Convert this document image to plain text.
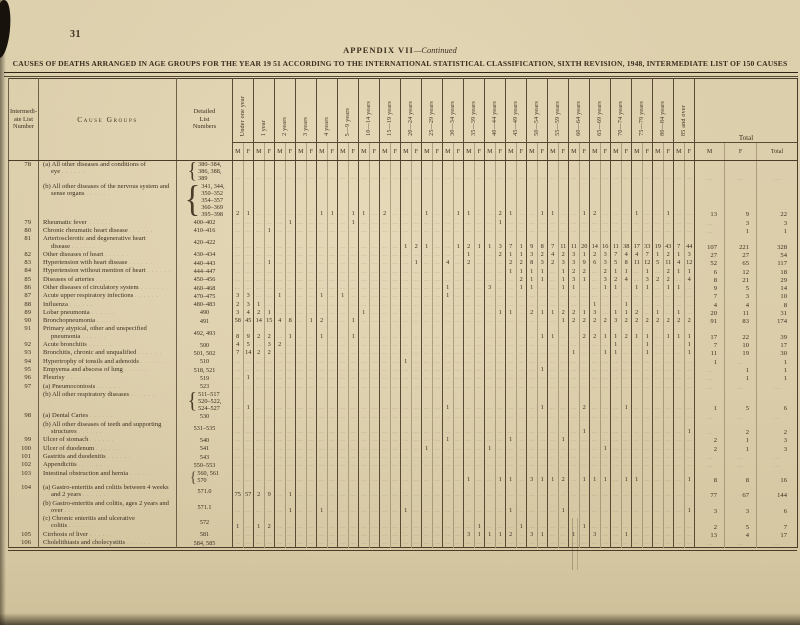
31
APPENDIX VII—Continued
CAUSES OF DEATHS ARRANGED IN AGE GROUPS FOR THE YEAR 19 51 ACCORDING TO THE INTERNATIONAL STATISTICAL CLASSIFICATION, SIXTH REVISION, 1948, INTERMEDIATE LIST OF 150 CAUSES
Intermedi-
ate List
Number
	Cause Groups	
Detailed
List
Numbers	Under one year	1 year	2 years	3 years	4 years	5—9 years	10—14 years	15—19 years	20—24 years	25—29 years	30—34 years	35—39 years	40—44 years	45—49 years	50—54 years	55—59 years	60—64 years	65—69 years	70—74 years	75—79 years	80—84 years	85 and over	Total
			M	F	M	F	M	F	M	F	M	F	M	F	M	F	M	F	M	F	M	F	M	F	M	F	M	F	M	F	M	F	M	F	M	F	M	F	M	F	M	F	M	F	M	F	M	F	Total
78	(a) All other diseases and conditions of eye . . .	{ 380–384,
386, 388,
389
	....	....	....	....	....	....	....	....	....	....	....	....	....	....	....	....	....	....	....	....	....	....	....	....	....	....	....	....	....	....	....	....	....	....	....	....	....	....	....	....	....	....	....	....	....	....	....

(b) All other diseases of the nervous system and sense organs . . .	{ 341, 344,
350–352
354–357
360–369
395–398	2	1	....	....	....	....	....	....	1	1	....	1	1	....	2	....	....	....	1	....	....	1	1	....	....	2	1	....	....	1	1	....	....	1	2	....	....	....	1	....	....	1	....	....	13	9	22
79	Rheumatic fever . . .	400–402
	....	....	....	....	....	1	....	....	....	....	....	1	....	....	....	....	....	....	....	....	....	....	....	....	....	1	....	....	....	....	....	....	....	....	....	....	....	....	....	....	....	....	....	....	....	3	3
80	Chronic rheumatic heart disease . . .	410–416
	....	....	....	1	....	....	....	....	....	....	....	....	....	....	....	....	....	....	....	....	....	....	....	....	....	....	....	....	....	....	....	....	....	....	....	....	....	....	....	....	....	....	....	....	....	1	1
81	Arteriosclerotic and degenerative heart disease . . .	420–422
	....	....	....	....	....	....	....	....	....	....	....	....	....	....	....	....	1	2	1	....	....	1	2	1	1	3	7	1	9	8	7	11	11	20	14	16	11	38	17	33	19	43	7	44	107	221	328
82	Other diseases of heart . . .	430–434
	....	....	....	....	....	....	....	....	....	....	....	....	....	....	....	....	....	....	....	....	....	....	1	....	....	2	1	1	3	2	4	2	3	1	2	3	7	4	4	7	1	2	1	3	27	27	54
83	Hypertension with heart disease . . .	440–443
	....	....	....	1	....	....	....	....	....	....	....	....	....	....	....	....	....	1	....	....	4	....	2	....	....	....	2	2	8	3	2	3	3	9	6	3	5	8	11	12	5	11	4	12	52	65	117
84	Hypertension without mention of heart . . .	444–447
	....	....	....	....	....	....	....	....	....	....	....	....	....	....	....	....	....	....	....	....	....	....	....	....	....	....	1	1	1	1	....	1	2	2	....	2	1	1	....	1	....	2	1	1	6	12	18
85	Diseases of arteries . . .	450–456
	....	....	....	....	....	....	....	....	....	....	....	....	....	....	....	....	....	....	....	....	....	....	....	....	....	....	....	2	1	1	....	1	3	1	....	3	2	4	....	3	2	2	....	4	8	21	29
86	Other diseases of circulatory system . . .	460–468
	....	....	....	....	....	....	....	....	....	....	....	....	....	....	....	....	....	....	....	....	1	....	....	....	3	....	....	1	1	....	....	1	1	....	....	1	1	....	1	1	....	1	1	....	9	5	14
87	Acute upper respiratory infections . . .	470–475	3	3	....	....	1	....	....	....	1	....	1	....	....	....	....	....	....	....	....	....	1	....	....	....	....	....	....	....	....	....	....	....	....	....	....	....	....	....	....	....	....	....	....	....	7	3	10
88	Influenza . . .	480–483	2	3	1	....	....	....	....	....	....	....	....	....	....	....	....	....	....	....	....	....	....	....	....	....	....	....	....	....	....	....	....	....	....	....	1	....	....	1	....	....	....	....	....	....	4	4	8
89	Lobar pneumonia . . .	490	3	4	2	1	....	....	....	....	....	....	....	....	1	....	....	....	....	....	....	....	....	....	....	....	....	1	1	....	2	1	1	2	2	1	3	....	1	1	2	....	1	....	1	....	20	11	31
90	Bronchopneumonia . . .	491	58	45	14	15	4	8	....	1	2	....	....	1	....	....	....	....	....	....	....	....	....	....	....	....	....	....	....	....	....	....	....	1	2	2	2	2	3	2	2	2	2	2	2	2	91	83	174
91	Primary atypical, other and unspecified pneumonia . . .	492, 493	8	9	2	2	....	1	....	....	1	....	....	1	....	....	....	....	....	....	....	....	....	....	....	....	....	....	....	....	....	1	1	....	....	2	2	1	1	2	1	1	....	1	1	1	17	22	39
92	Acute bronchitis . . .	500	4	5	....	3	2	....	....	....	....	....	....	....	....	....	....	....	....	....	....	....	....	....	....	....	....	....	....	....	....	....	....	....	....	....	....	....	1	....	....	1	....	....	....	1	7	10	17
93	Bronchitis, chronic and unqualified . . .	501, 502	7	14	2	2	....	....	....	....	....	....	....	....	....	....	....	....	....	....	....	....	....	....	....	....	....	....	....	....	....	....	....	....	1	....	....	1	1	....	....	1	....	....	....	1	11	19	30
94	Hypertrophy of tonsils and adenoids . . .	510
	....	....	....	....	....	....	....	....	....	....	....	....	....	....	....	....	1	....	....	....	....	....	....	....	....	....	....	....	....	....	....	....	....	....	....	....	....	....	....	....	....	....	....	....	1	....	1
95	Empyema and abscess of lung . . .	518, 521
	....	....	....	....	....	....	....	....	....	....	....	....	....	....	....	....	....	....	....	....	....	....	....	....	....	....	....	....	....	1	....	....	....	....	....	....	....	....	....	....	....	....	....	....	....	1	1
96	Pleurisy . . .	519
	....	1	....	....	....	....	....	....	....	....	....	....	....	....	....	....	....	....	....	....	....	....	....	....	....	....	....	....	....	....	....	....	....	....	....	....	....	....	....	....	....	....	....	....	....	1	1
97	(a) Pneumoconiosis . . .	523
	....	....	....	....	....	....	....	....	....	....	....	....	....	....	....	....	....	....	....	....	....	....	....	....	....	....	....	....	....	....	....	....	....	....	....	....	....	....	....	....	....	....	....	....	....	....	....

	(b) All other respiratory diseases . . .	{ 511–517
520–522,
524–527
	....	1	....	....	....	....	....	....	....	....	....	....	....	....	....	....	....	....	....	....	1	....	....	....	....	....	....	....	....	1	....	....	....	2	....	....	....	1	....	....	....	....	....	....	1	5	6
98	(a) Dental Caries . . .	530
	....	....	....	....	....	....	....	....	....	....	....	....	....	....	....	....	....	....	....	....	....	....	....	....	....	....	....	....	....	....	....	....	....	....	....	....	....	....	....	....	....	....	....	....	....	....	....

	(b) All other diseases of teeth and supporting structures . . .	531–535
	....	....	....	....	....	....	....	....	....	....	....	....	....	....	....	....	....	....	....	....	....	....	....	....	....	....	....	....	....	....	....	....	....	1	....	....	....	....	....	....	....	....	....	1	....	2	2
99	Ulcer of stomach . . .	540
	....	....	....	....	....	....	....	....	....	....	....	....	....	....	....	....	....	....	....	....	1	....	....	....	....	....	1	....	....	....	....	1	....	....	....	....	....	....	....	....	....	....	....	....	2	1	3
100	Ulcer of duodenum . . .	541
	....	....	....	....	....	....	....	....	....	....	....	....	....	....	....	....	....	....	1	....	....	....	....	....	1	....	....	....	....	....	....	....	....	....	....	1	....	....	....	....	....	....	....	....	2	1	3
101	Gastritis and duodenitis . . .	543
	....	....	....	....	....	....	....	....	....	....	....	....	....	....	....	....	....	....	....	....	....	....	....	....	....	....	....	....	....	....	....	....	....	....	....	....	....	....	....	....	....	....	....	....	....	....	....
102	Appendicitis . . .	550–553
	....	....	....	....	....	....	....	....	....	....	....	....	....	....	....	....	....	....	....	....	....	....	....	....	....	....	....	....	....	....	....	....	....	....	....	....	....	....	....	....	....	....	....	....	....	....	....
103	Intestinal obstruction and hernia . . .	{ 560, 561
570
	....	....	....	....	....	....	....	....	....	....	....	....	....	....	....	....	....	....	....	....	....	....	1	....	....	1	1	....	3	1	1	2	....	1	1	1	....	1	1	....	....	....	....	1	8	8	16
104	(a) Gastro-enteritis and colitis between 4 weeks and 2 years . . .	571.0	75	57	2	9	....	1	....	....	....	....	....	....	....	....	....	....	....	....	....	....	....	....	....	....	....	....	....	....	....	....	....	....	....	....	....	....	....	....	....	....	....	....	....	....	77	67	144

	(b) Gastro-enteritis and colitis, ages 2 years and over . . .	571.1
	....	....	....	....	....	1	....	....	1	....	....	....	....	....	....	....	1	....	....	....	....	....	....	....	....	....	1	....	....	....	....	1	....	....	....	....	....	....	....	....	....	....	....	1	3	3	6

	(c) Chronic enteritis and ulcerative colitis . . .	572	1	....	1	2	....	....	....	....	....	....	....	....	....	....	....	....	....	....	....	....	....	....	....	1	....	....	....	1	....	....	....	....	....	1	....	....	....	....	....	....	....	....	....	....	2	5	7
105	Cirrhosis of liver . . .	581
	....	....	....	....	....	....	....	....	....	....	....	....	....	....	....	....	....	....	....	....	....	....	3	1	1	1	2	....	3	1	....	....	1	....	3	....	....	1	....	....	....	....	....	....	13	4	17
106	Cholelithiasis and cholecystitis . . .	584, 585
	....	....	....	....	....	....	....	....	....	....	....	....	....	....	....	....	....	....	....	....	....	....	....	....	....	....	....	....	....	....	....	....	....	....	....	....	....	....	....	....	....	....	....	....	....	....	....
